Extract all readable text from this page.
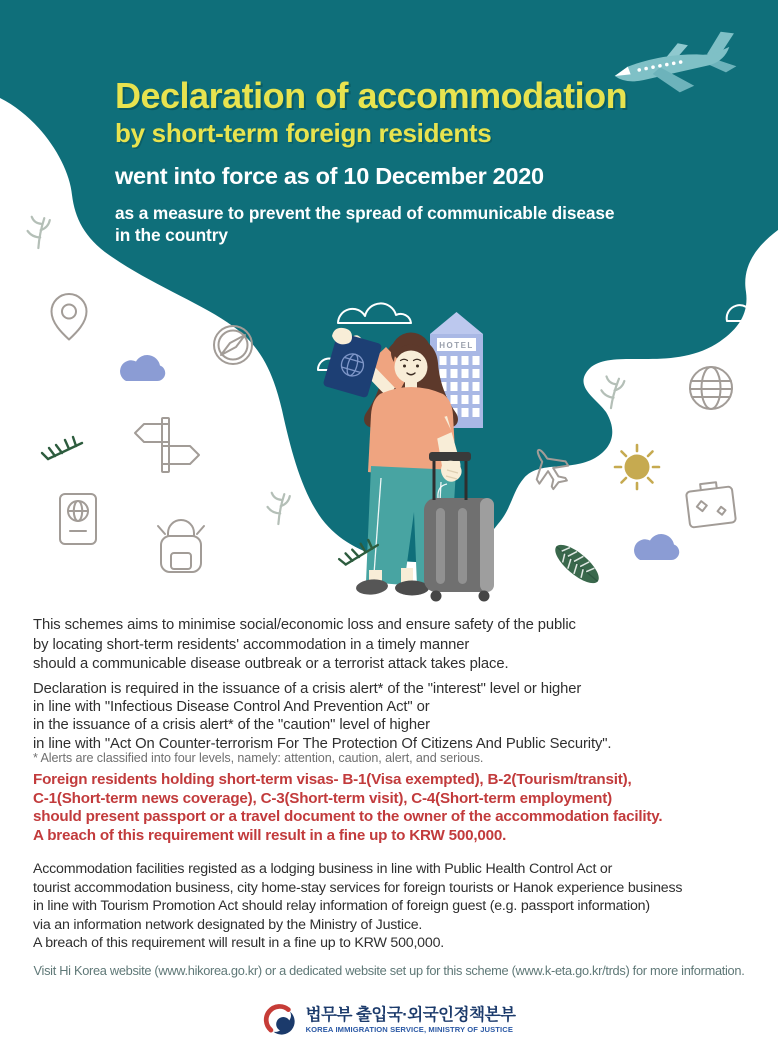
HOTEL
Declaration of accommodation
by short-term foreign residents
went into force as of 10 December 2020
as a measure to prevent the spread of communicable disease
in the country
This schemes aims to minimise social/economic loss and ensure safety of the public
by locating short-term residents' accommodation in a timely manner
should a communicable disease outbreak or a terrorist attack takes place.
Declaration is required in the issuance of a crisis alert* of the "interest" level or higher
in line with "Infectious Disease Control And Prevention Act" or
in the issuance of a crisis alert* of the "caution" level of higher
in line with "Act On Counter-terrorism For The Protection Of Citizens And Public Security".
* Alerts are classified into four levels, namely: attention, caution, alert, and serious.
Foreign residents holding short-term visas- B-1(Visa exempted), B-2(Tourism/transit),
C-1(Short-term news coverage), C-3(Short-term visit), C-4(Short-term employment)
should present passport or a travel document to the owner of the accommodation facility.
A breach of this requirement will result in a fine up to KRW 500,000.
Accommodation facilities registed as a lodging business in line with Public Health Control Act or
tourist accommodation business, city home-stay services for foreign tourists or Hanok experience business
in line with Tourism Promotion Act should relay information of foreign guest (e.g. passport information)
via an information network designated by the Ministry of Justice.
A breach of this requirement will result in a fine up to KRW 500,000.
Visit Hi Korea website (www.hikorea.go.kr) or a dedicated website set up for this scheme (www.k-eta.go.kr/trds) for more information.
법무부 출입국·외국인정책본부
KOREA IMMIGRATION SERVICE, MINISTRY OF JUSTICE
